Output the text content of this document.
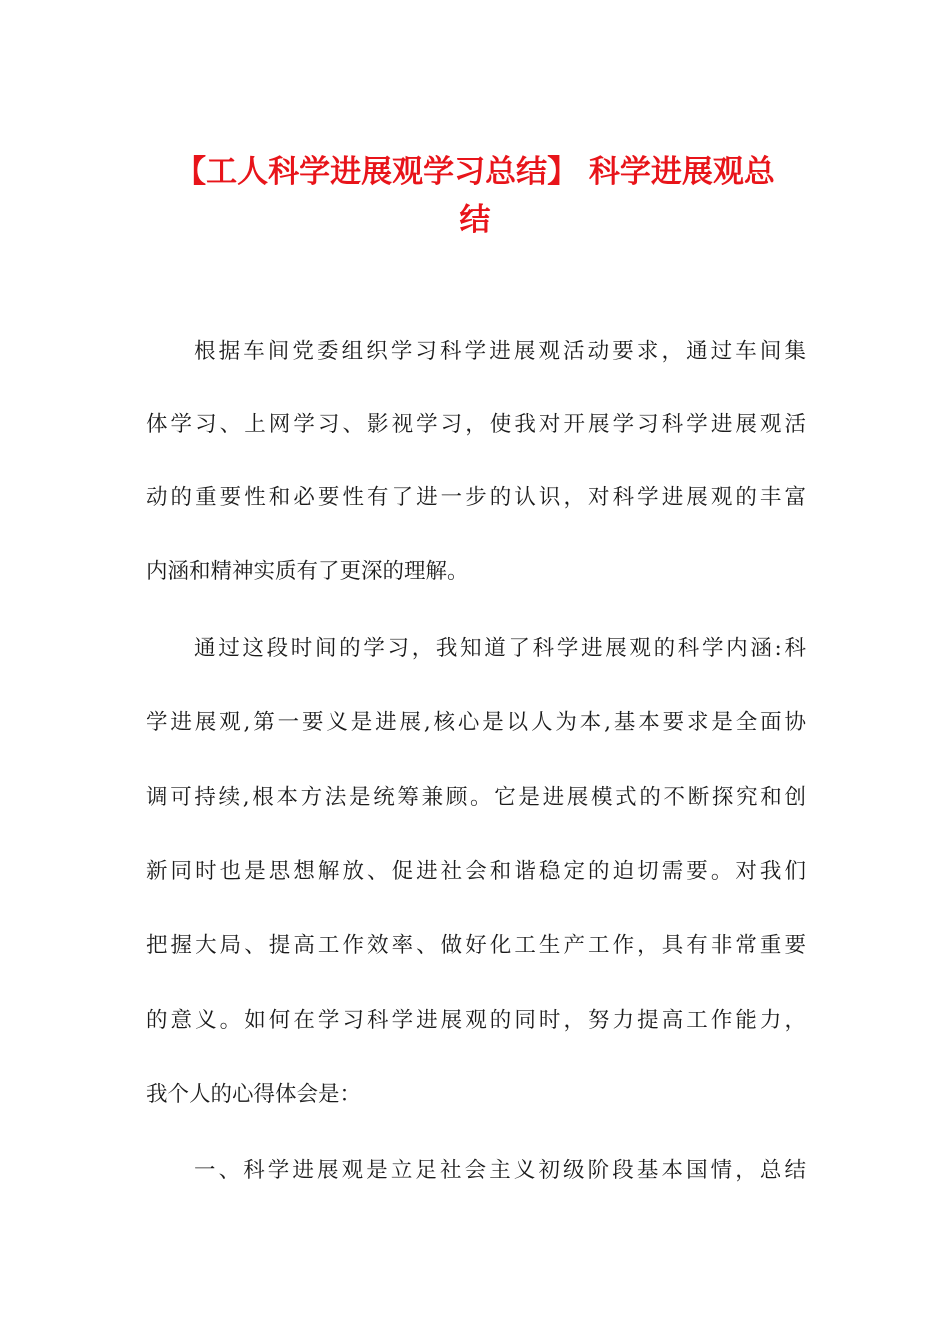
【工人科学进展观学习总结】 科学进展观总
结
根据车间党委组织学习科学进展观活动要求，通过车间集
体学习、上网学习、影视学习，使我对开展学习科学进展观活
动的重要性和必要性有了进一步的认识，对科学进展观的丰富
内涵和精神实质有了更深的理解。
通过这段时间的学习，我知道了科学进展观的科学内涵:科
学进展观,第一要义是进展,核心是以人为本,基本要求是全面协
调可持续,根本方法是统筹兼顾。它是进展模式的不断探究和创
新同时也是思想解放、促进社会和谐稳定的迫切需要。对我们
把握大局、提高工作效率、做好化工生产工作，具有非常重要
的意义。如何在学习科学进展观的同时，努力提高工作能力，
我个人的心得体会是：
一、科学进展观是立足社会主义初级阶段基本国情，总结
